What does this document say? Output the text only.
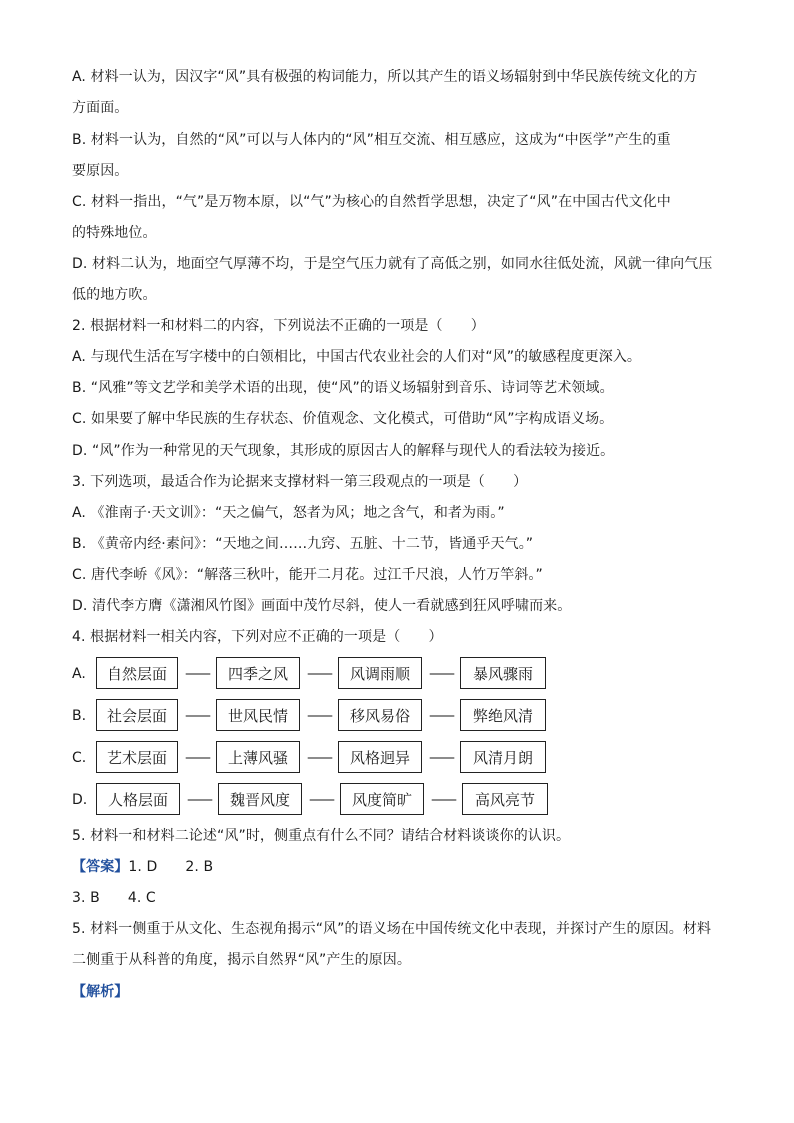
A. 材料一认为，因汉字“风”具有极强的构词能力，所以其产生的语义场辐射到中华民族传统文化的方
方面面。
B. 材料一认为，自然的“风”可以与人体内的“风”相互交流、相互感应，这成为“中医学”产生的重
要原因。
C. 材料一指出，“气”是万物本原，以“气”为核心的自然哲学思想，决定了“风”在中国古代文化中
的特殊地位。
D. 材料二认为，地面空气厚薄不均，于是空气压力就有了高低之别，如同水往低处流，风就一律向气压
低的地方吹。
2. 根据材料一和材料二的内容，下列说法不正确的一项是（　　）
A. 与现代生活在写字楼中的白领相比，中国古代农业社会的人们对“风”的敏感程度更深入。
B. “风雅”等文艺学和美学术语的出现，使“风”的语义场辐射到音乐、诗词等艺术领域。
C. 如果要了解中华民族的生存状态、价值观念、文化模式，可借助“风”字构成语义场。
D. “风”作为一种常见的天气现象，其形成的原因古人的解释与现代人的看法较为接近。
3. 下列选项，最适合作为论据来支撑材料一第三段观点的一项是（　　）
A. 《淮南子·天文训》：“天之偏气，怒者为风；地之含气，和者为雨。”
B. 《黄帝内经·素问》：“天地之间……九窍、五脏、十二节，皆通乎天气。”
C. 唐代李峤《风》：“解落三秋叶，能开二月花。过江千尺浪，人竹万竿斜。”
D. 清代李方膺《潇湘风竹图》画面中茂竹尽斜，使人一看就感到狂风呼啸而来。
4. 根据材料一相关内容，下列对应不正确的一项是（　　）
A.	自然层面	——	四季之风	——	风调雨顺	——	暴风骤雨
B.	社会层面	——	世风民情	——	移风易俗	——	弊绝风清
C.	艺术层面	——	上薄风骚	——	风格迥异	——	风清月朗
D.	人格层面	——	魏晋风度	——	风度简旷	——	高风亮节
5. 材料一和材料二论述“风”时，侧重点有什么不同？请结合材料谈谈你的认识。
【答案】1. D 2. B
3. B 4. C
5. 材料一侧重于从文化、生态视角揭示“风”的语义场在中国传统文化中表现，并探讨产生的原因。材料
二侧重于从科普的角度，揭示自然界“风”产生的原因。
【解析】
